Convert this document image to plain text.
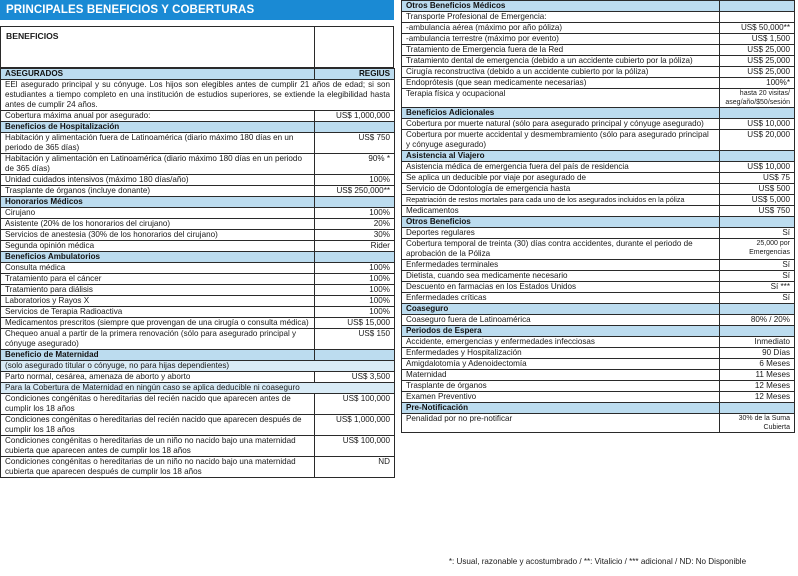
PRINCIPALES BENEFICIOS Y COBERTURAS
BENEFICIOS
ASEGURADOS	REGIUS
EEl asegurado principal y su cónyuge. Los hijos son elegibles antes de cumplir 21 años de edad; si son estudiantes a tiempo completo en una institución de estudios superiores, se extiende la elegibilidad hasta antes de cumplir 24 años.	
Cobertura máxima anual por asegurado:	US$ 1,000,000
Beneficios de Hospitalización	
Habitación y alimentación fuera de Latinoamérica (diario máximo 180 días en un periodo de 365 días)	US$ 750
Habitación y alimentación en Latinoamérica (diario máximo 180 días en un periodo de 365 días)	90% *
Unidad cuidados intensivos (máximo 180 días/año)	100%
Trasplante de órganos (incluye donante)	US$ 250,000**
Honorarios Médicos	
Cirujano	100%
Asistente (20% de los honorarios del cirujano)	20%
Servicios de anestesia (30% de los honorarios del cirujano)	30%
Segunda opinión médica	Rider
Beneficios Ambulatorios	
Consulta médica	100%
Tratamiento para el cáncer	100%
Tratamiento para diálisis	100%
Laboratorios y Rayos X	100%
Servicios de Terapia Radioactiva	100%
Medicamentos prescritos (siempre que provengan de una cirugía o consulta médica)	US$ 15,000
Chequeo anual a partir de la primera renovación (sólo para asegurado principal y cónyuge asegurado)	US$ 150
Beneficio de Maternidad	
(solo asegurado titular o cónyuge, no para hijas dependientes)	
Parto normal, cesárea, amenaza de aborto y aborto	US$ 3,500
Para la Cobertura de Maternidad en ningún caso se aplica deducible ni coaseguro	
Condiciones congénitas o hereditarias del recién nacido que aparecen antes de cumplir los 18 años	US$ 100,000
Condiciones congénitas o hereditarias del recién nacido que aparecen después de cumplir los 18 años	US$ 1,000,000
Condiciones congénitas o hereditarias de un niño no nacido bajo una maternidad cubierta que aparecen antes de cumplir los 18 años	US$ 100,000
Condiciones congénitas o hereditarias de un niño no nacido bajo una maternidad cubierta que aparecen después de cumplir los 18 años	ND
Otros Beneficios Médicos	
Transporte Profesional de Emergencia:	
-ambulancia aérea (máximo por año póliza)	US$ 50,000**
-ambulancia terrestre (máximo por evento)	US$ 1,500
Tratamiento de Emergencia fuera de la Red	US$ 25,000
Tratamiento dental de emergencia (debido a un accidente cubierto por la póliza)	US$ 25,000
Cirugía reconstructiva (debido a un accidente cubierto por la póliza)	US$ 25,000
Endoprótesis (que sean medicamente necesarias)	100%*
Terapia física y ocupacional	hasta 20 visitas/ aseg/año/$50/sesión
Beneficios Adicionales	
Cobertura por muerte natural (sólo para asegurado principal y cónyuge asegurado)	US$ 10,000
Cobertura por muerte accidental y desmembramiento (sólo para asegurado principal y cónyuge asegurado)	US$ 20,000
Asistencia al Viajero	
Asistencia médica de emergencia fuera del país de residencia	US$ 10,000
Se aplica un deducible por viaje por asegurado de	US$ 75
Servicio de Odontología de emergencia hasta	US$ 500
Repatriación de restos mortales para cada uno de los asegurados incluidos en la póliza	US$ 5,000
Medicamentos	US$ 750
Otros Beneficios	
Deportes regulares	Sí
Cobertura temporal de treinta (30) días contra accidentes, durante el periodo de aprobación de la Póliza	25,000 por Emergencias
Enfermedades terminales	Sí
Dietista, cuando sea medicamente necesario	Sí
Descuento en farmacias en los Estados Unidos	Sí ***
Enfermedades críticas	Sí
Coaseguro	
Coaseguro fuera de Latinoamérica	80% / 20%
Periodos de Espera	
Accidente, emergencias y enfermedades infecciosas	Inmediato
Enfermedades y Hospitalización	90 Días
Amigdalotomía y Adenoidectomía	6 Meses
Maternidad	11 Meses
Trasplante de órganos	12 Meses
Examen Preventivo	12 Meses
Pre-Notificación	
Penalidad por no pre-notificar	30% de la Suma Cubierta
*: Usual, razonable y acostumbrado / **: Vitalicio / *** adicional / ND: No Disponible
